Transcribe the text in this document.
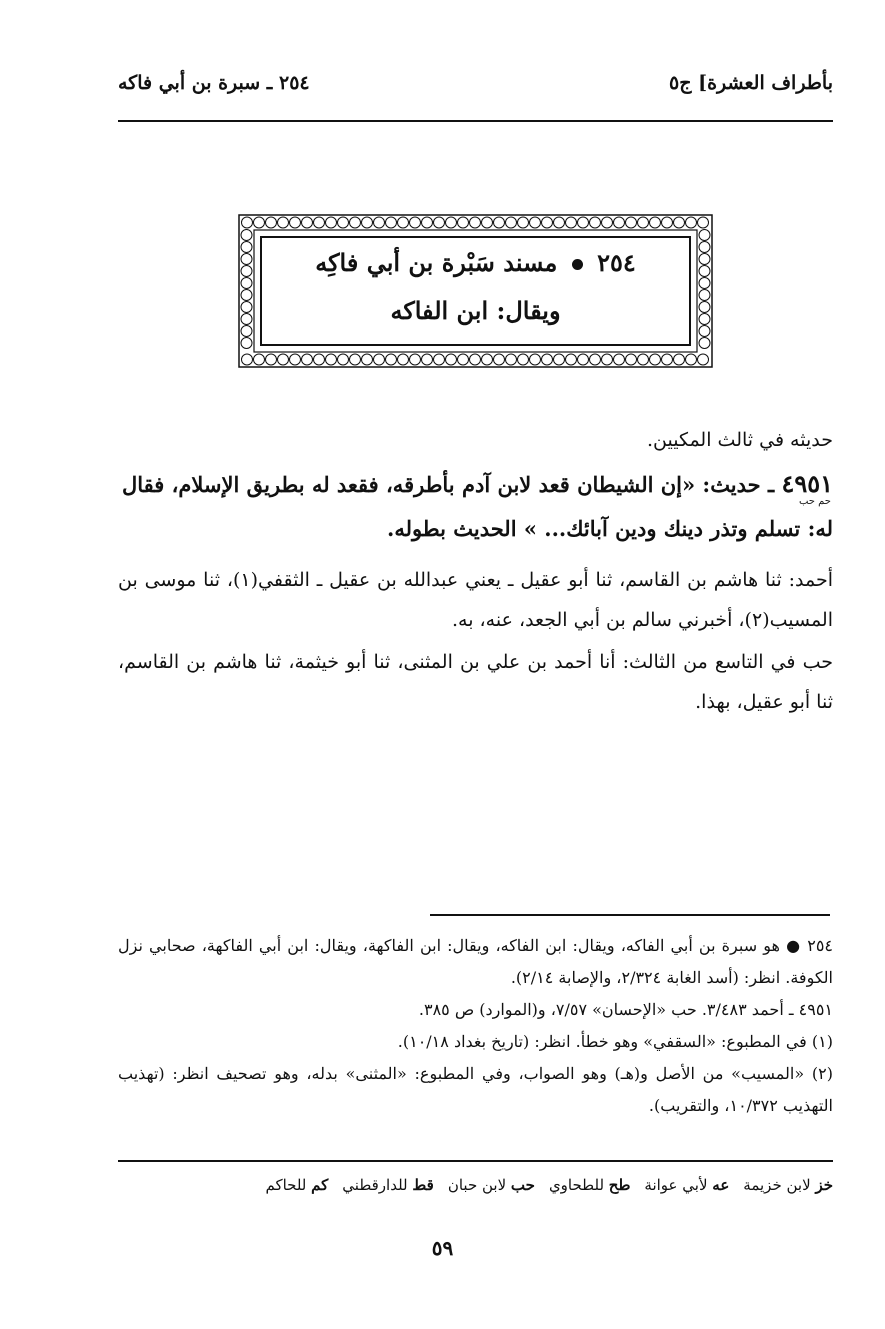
بأطراف العشرة] ج٥
٢٥٤ ـ سبرة بن أبي فاكه
٢٥٤  مسند سَبْرة بن أبي فاكِه
ويقال: ابن الفاكه
حديثه في ثالث المكيين.
حم حب
٤٩٥١ ـ حديث: «إن الشيطان قعد لابن آدم بأطرقه، فقعد له بطريق الإسلام، فقال له: تسلم وتذر دينك ودين آبائك... » الحديث بطوله.
أحمد: ثنا هاشم بن القاسم، ثنا أبو عقيل ـ يعني عبدالله بن عقيل ـ الثقفي(١)، ثنا موسى بن المسيب(٢)، أخبرني سالم بن أبي الجعد، عنه، به.
حب في التاسع من الثالث: أنا أحمد بن علي بن المثنى، ثنا أبو خيثمة، ثنا هاشم بن القاسم، ثنا أبو عقيل، بهذا.

٢٥٤ ● هو سبرة بن أبي الفاكه، ويقال: ابن الفاكه، ويقال: ابن الفاكهة، ويقال: ابن أبي الفاكهة، صحابي نزل الكوفة. انظر: (أسد الغابة ٢/٣٢٤، والإصابة ٢/١٤).

٤٩٥١ ـ أحمد ٣/٤٨٣. حب «الإحسان» ٧/٥٧، و(الموارد) ص ٣٨٥.

(١) في المطبوع: «السقفي» وهو خطأ. انظر: (تاريخ بغداد ١٠/١٨).

(٢) «المسيب» من الأصل و(هـ) وهو الصواب، وفي المطبوع: «المثنى» بدله، وهو تصحيف انظر: (تهذيب التهذيب ١٠/٣٧٢، والتقريب).

خز لابن خزيمة
عه لأبي عوانة
طح للطحاوي
حب لابن حبان
قط للدارقطني
كم للحاكم
٥٩
